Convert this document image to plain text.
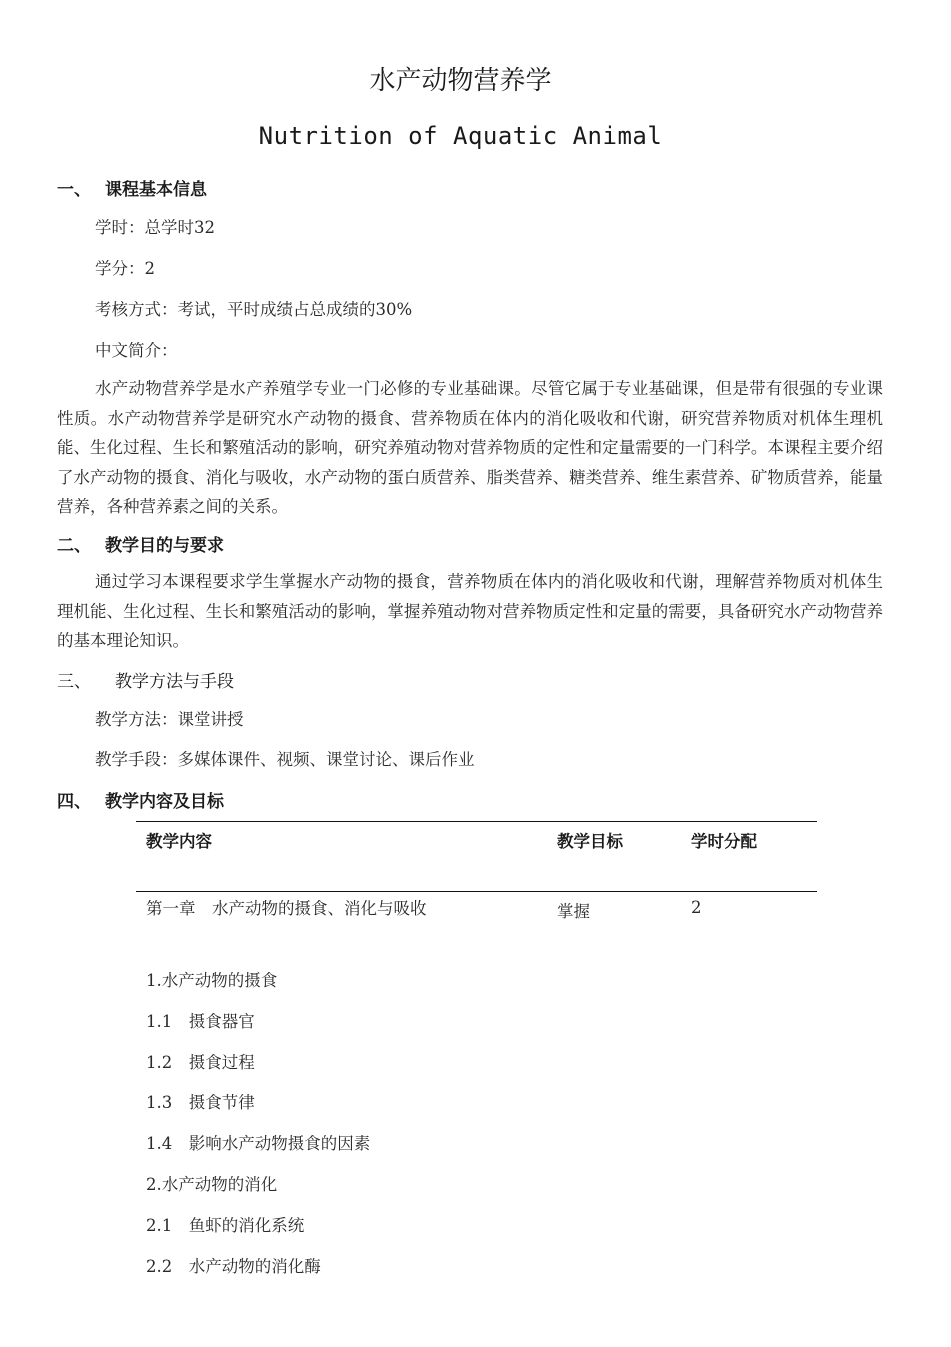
水产动物营养学
Nutrition of Aquatic Animal
一、 课程基本信息
学时：总学时32
学分：2
考核方式：考试，平时成绩占总成绩的30%
中文简介：
水产动物营养学是水产养殖学专业一门必修的专业基础课。尽管它属于专业基础课，但是带有很强的专业课性质。水产动物营养学是研究水产动物的摄食、营养物质在体内的消化吸收和代谢，研究营养物质对机体生理机能、生化过程、生长和繁殖活动的影响，研究养殖动物对营养物质的定性和定量需要的一门科学。本课程主要介绍了水产动物的摄食、消化与吸收，水产动物的蛋白质营养、脂类营养、糖类营养、维生素营养、矿物质营养，能量营养，各种营养素之间的关系。
二、 教学目的与要求
通过学习本课程要求学生掌握水产动物的摄食，营养物质在体内的消化吸收和代谢，理解营养物质对机体生理机能、生化过程、生长和繁殖活动的影响，掌握养殖动物对营养物质定性和定量的需要，具备研究水产动物营养的基本理论知识。
三、 教学方法与手段
教学方法：课堂讲授
教学手段：多媒体课件、视频、课堂讨论、课后作业
四、 教学内容及目标
教学内容	教学目标	学时分配
第一章　水产动物的摄食、消化与吸收	掌握	2
1.水产动物的摄食
1.1　摄食器官
1.2　摄食过程
1.3　摄食节律
1.4　影响水产动物摄食的因素
2.水产动物的消化
2.1　鱼虾的消化系统
2.2　水产动物的消化酶
